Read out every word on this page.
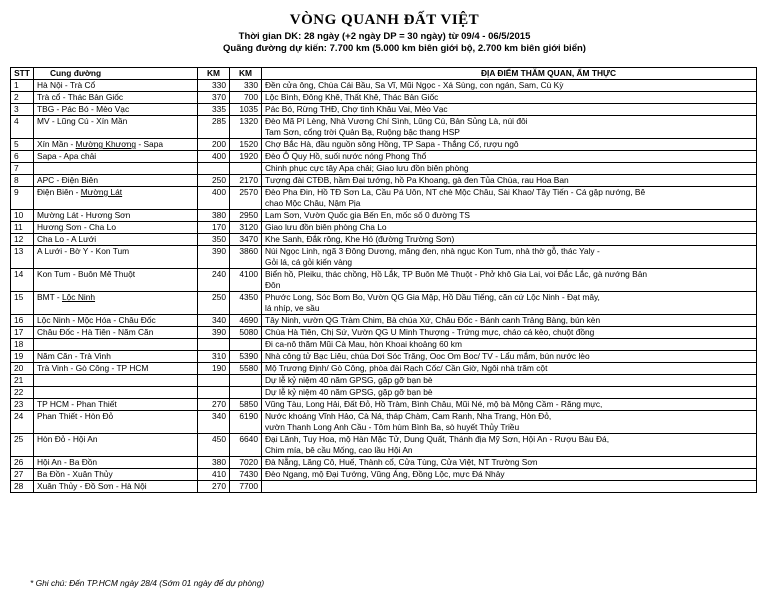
VÒNG QUANH ĐẤT VIỆT
Thời gian DK: 28 ngày (+2 ngày DP = 30 ngày) từ 09/4 - 06/5/2015
Quãng đường dự kiến: 7.700 km (5.000 km biên giới bộ, 2.700 km biên giới biển)
STT	Cung đường	KM	KM	ĐỊA ĐIỂM THĂM QUAN, ẨM THỰC
1	Hà Nội - Trà Cổ	330	330	Đền cửa ông, Chùa Cái Bầu, Sa Vĩ, Mũi Ngọc - Xá Sùng, con ngán, Sam, Cù Kỳ

2	Trà cổ - Thác Bản Giốc	370	700	Lộc Bình, Đông Khê, Thất Khê, Thác Bản Giốc

3	TBG - Pác Bó - Mèo Vạc	335	1035	Pác Bó, Rừng THĐ, Chợ tình Khâu Vai, Mèo Vạc

4	MV - Lũng Cú - Xín Mần	285	1320	Đèo Mã Pí Lèng, Nhà Vương Chí Sình, Lũng Cú, Bản Sủng Là, núi đôi
Tam Sơn, cổng trời Quản Bạ, Ruộng bậc thang HSP

5	Xín Mần - Mường Khương - Sapa	200	1520	Chợ Bắc Hà, đầu nguồn sông Hồng, TP Sapa - Thắng Cố, rượu ngô

6	Sapa - Apa chải	400	1920	Đèo Ô Quy Hồ, suối nước nóng Phong Thổ

7				Chinh phục cực tây Apa chải; Giao lưu đồn biên phòng

8	APC - Điện Biên	250	2170	Tượng đài CTĐB, hầm Đại tướng, hồ Pa Khoang, gà đen Tủa Chùa, rau Hoa Ban

9	Điện Biên - Mường Lát	400	2570	Đèo Pha Đin, Hồ TĐ Sơn La, Cầu Pá Uôn, NT chè Mộc Châu, Sài Khao/ Tây Tiến - Cá gập nướng, Bê
chao Mộc Châu, Nậm Pịa

10	Mường Lát - Hương Sơn	380	2950	Lam Sơn, Vườn Quốc gia Bến En, mốc số 0 đường TS

11	Hương Sơn - Cha Lo	170	3120	Giao lưu đồn biên phòng Cha Lo

12	Cha Lo - A Lưới	350	3470	Khe Sanh, Đắk rông, Khe Hó (đường Trường Sơn)

13	A Lưới - Bờ Y - Kon Tum	390	3860	Núi Ngọc Linh, ngã 3 Đông Dương, măng đen, nhà ngục Kon Tum, nhà thờ gỗ, thác Yaly -
Gỏi lá, cá gỏi kiến vàng

14	Kon Tum - Buôn Mê Thuột	240	4100	Biển hồ, Pleiku, thác chồng, Hồ Lắk, TP Buôn Mê Thuột - Phở khô Gia Lai, voi Đắc Lắc, gà nướng Bản
Đôn

15	BMT - Lộc Ninh	250	4350	Phước Long, Sóc Bom Bo, Vườn QG Gia Mập, Hồ Dầu Tiếng, căn cứ Lộc Ninh - Đạt mây,
lá nhíp, ve sầu

16	Lộc Ninh - Mộc Hóa - Châu Đốc	340	4690	Tây Ninh, vườn QG Tràm Chim, Bà chúa Xứ, Châu Đốc - Bánh canh Trảng Bàng, bún kèn

17	Châu Đốc - Hà Tiên - Năm Căn	390	5080	Chùa Hà Tiên, Chị Sứ, Vườn QG U Minh Thượng - Trứng mực, cháo cá kèo, chuột đồng

18				Đi ca-nô thăm Mũi Cà Mau, hòn Khoai khoảng 60 km

19	Năm Căn - Trà Vinh	310	5390	Nhà công tử Bạc Liêu, chùa Dơi Sóc Trăng, Ooc Om Boc/ TV - Lẩu mắm, bún nước lèo

20	Trà Vinh - Gò Công - TP HCM	190	5580	Mộ Trương Định/ Gò Công, phòa đài Rạch Cốc/ Cần Giờ, Ngôi nhà trăm cột

21				Dự lễ kỷ niệm 40 năm GPSG, gặp gỡ bạn bè

22				Dự lễ kỷ niệm 40 năm GPSG, gặp gỡ bạn bè

23	TP HCM - Phan Thiết	270	5850	Vũng Tàu, Long Hải, Đất Đỏ, Hồ Tràm, Bình Châu, Mũi Né, mộ bà Mộng Cầm - Răng mực,

24	Phan Thiết - Hòn Đỏ	340	6190	Nước khoáng Vĩnh Hảo, Cà Ná, tháp Chàm, Cam Ranh, Nha Trang, Hòn Đỏ,
vườn Thanh Long Anh Cầu - Tôm hùm Bình Ba, sò huyết Thủy Triều

25	Hòn Đỏ - Hội An	450	6640	Đại Lãnh, Tuy Hoa, mộ Hàn Mặc Tử, Dung Quất, Thánh địa Mỹ Sơn, Hội An - Rượu Bàu Đá,
Chim mía, bê cầu Mống, cao lầu Hội An

26	Hội An - Ba Đồn	380	7020	Đà Nẵng, Lăng Cô, Huế, Thành cổ, Cửa Tùng, Cửa Việt, NT Trường Sơn

27	Ba Đồn - Xuân Thủy	410	7430	Đèo Ngang, mộ Đại Tướng, Vũng Áng, Đồng Lộc, mực Đá Nhảy

28	Xuân Thủy - Đồ Sơn - Hà Nội	270	7700	
* Ghi chú: Đến TP.HCM ngày 28/4 (Sớm 01 ngày để dự phòng)
